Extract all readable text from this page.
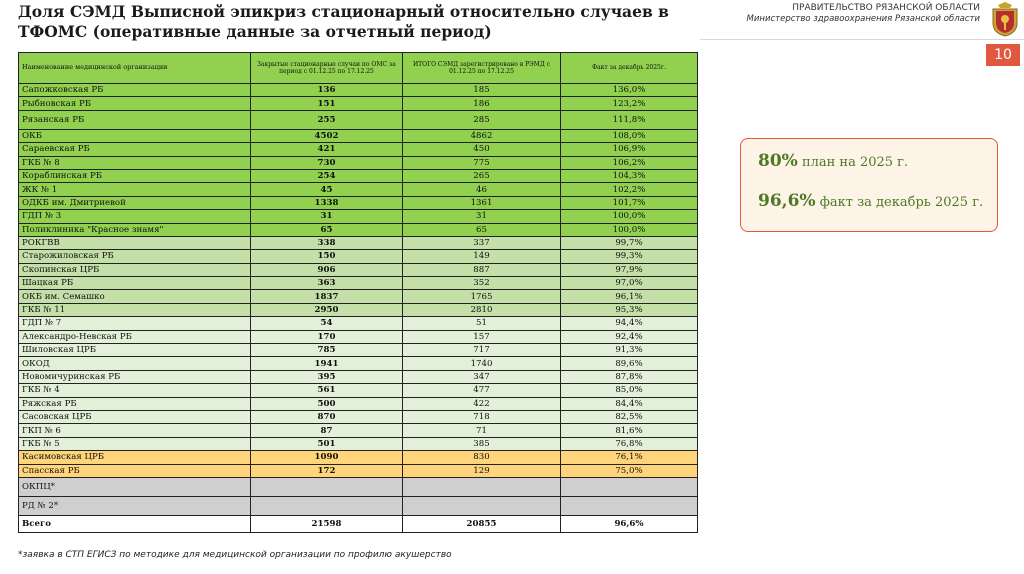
Доля СЭМД Выписной эпикриз стационарный относительно случаев в ТФОМС (оперативные данные за отчетный период)
ПРАВИТЕЛЬСТВО РЯЗАНСКОЙ ОБЛАСТИ
Министерство здравоохранения Рязанской области
10
Наименование медицинской организации	Закрытые стационарные случаи по ОМС за период с 01.12.25 по 17.12.25	ИТОГО СЭМД зарегистрировано в РЭМД с 01.12.25 по 17.12.25	Факт за декабрь 2025г.
Сапожковская РБ	136	185	136,0%
Рыбновская РБ	151	186	123,2%
Рязанская РБ	255	285	111,8%
ОКБ	4502	4862	108,0%
Сараевская РБ	421	450	106,9%
ГКБ № 8	730	775	106,2%
Кораблинская РБ	254	265	104,3%
ЖК № 1	45	46	102,2%
ОДКБ им. Дмитриевой	1338	1361	101,7%
ГДП № 3	31	31	100,0%
Поликлиника "Красное знамя"	65	65	100,0%
РОКГВВ	338	337	99,7%
Старожиловская РБ	150	149	99,3%
Скопинская ЦРБ	906	887	97,9%
Шацкая РБ	363	352	97,0%
ОКБ им. Семашко	1837	1765	96,1%
ГКБ № 11	2950	2810	95,3%
ГДП № 7	54	51	94,4%
Александро-Невская РБ	170	157	92,4%
Шиловская ЦРБ	785	717	91,3%
ОКОД	1941	1740	89,6%
Новомичуринская РБ	395	347	87,8%
ГКБ № 4	561	477	85,0%
Ряжская РБ	500	422	84,4%
Сасовская ЦРБ	870	718	82,5%
ГКП № 6	87	71	81,6%
ГКБ № 5	501	385	76,8%
Касимовская ЦРБ	1090	830	76,1%
Спасская РБ	172	129	75,0%
ОКПЦ*			
РД № 2*			
Всего	21598	20855	96,6%
80% план на 2025 г.
96,6% факт за декабрь 2025 г.
*заявка в СТП ЕГИСЗ по методике для медицинской организации по профилю акушерство
